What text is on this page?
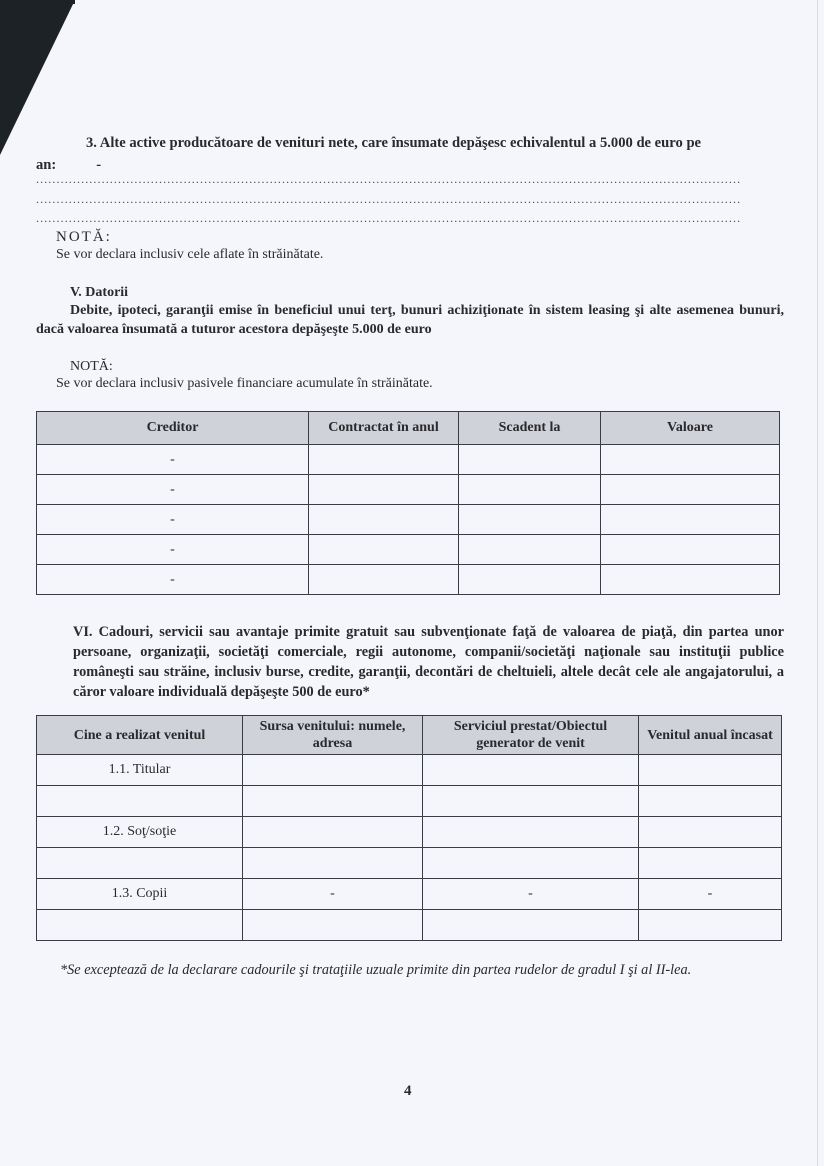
3. Alte active producătoare de venituri nete, care însumate depăşesc echivalentul a 5.000 de euro pe
an:	-
............................................................................................................................................................................
............................................................................................................................................................................
............................................................................................................................................................................
NOTĂ:
Se vor declara inclusiv cele aflate în străinătate.
V. Datorii
Debite, ipoteci, garanţii emise în beneficiul unui terţ, bunuri achiziţionate în sistem leasing şi alte asemenea bunuri, dacă valoarea însumată a tuturor acestora depăşeşte 5.000 de euro
NOTĂ:
Se vor declara inclusiv pasivele financiare acumulate în străinătate.
Creditor	Contractat în anul	Scadent la	Valoare
-			
-			
-			
-			
-			
VI. Cadouri, servicii sau avantaje primite gratuit sau subvenţionate faţă de valoarea de piaţă, din partea unor persoane, organizaţii, societăţi comerciale, regii autonome, companii/societăţi naţionale sau instituţii publice româneşti sau străine, inclusiv burse, credite, garanţii, decontări de cheltuieli, altele decât cele ale angajatorului, a căror valoare individuală depăşeşte 500 de euro*
Cine a realizat venitul	Sursa venitului: numele, adresa	Serviciul prestat/Obiectul generator de venit	Venitul anual încasat
1.1. Titular			

1.2. Soţ/soţie			

1.3. Copii	-	-	-

*Se exceptează de la declarare cadourile şi trataţiile uzuale primite din partea rudelor de gradul I şi al II-lea.
4
